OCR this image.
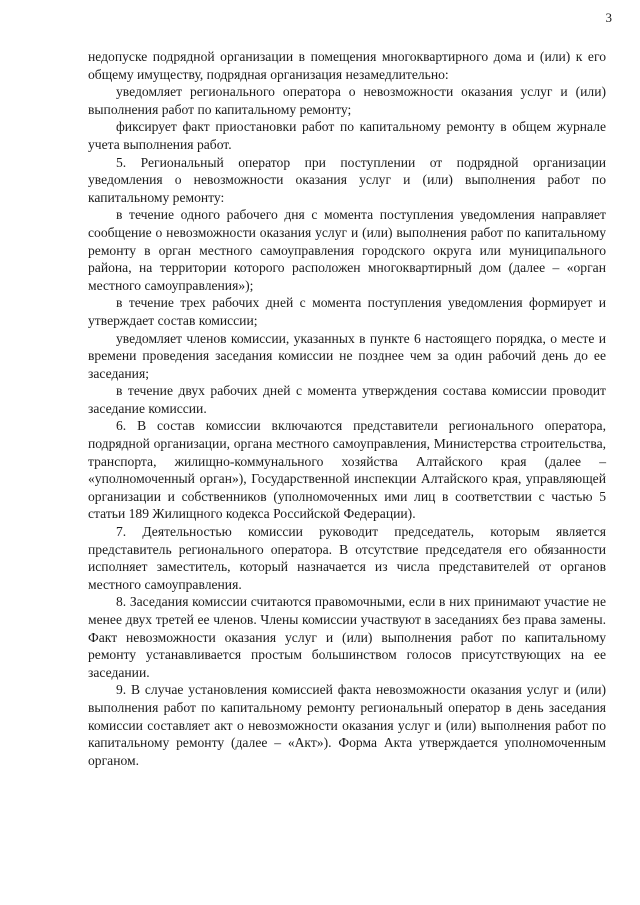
3

недопуске подрядной организации в помещения многоквартирного дома и (или) к его общему имуществу, подрядная организация незамедлительно:

уведомляет регионального оператора о невозможности оказания услуг и (или) выполнения работ по капитальному ремонту;

фиксирует факт приостановки работ по капитальному ремонту в общем журнале учета выполнения работ.

5. Региональный оператор при поступлении от подрядной организации уведомления о невозможности оказания услуг и (или) выполнения работ по капитальному ремонту:

в течение одного рабочего дня с момента поступления уведомления направляет сообщение о невозможности оказания услуг и (или) выполнения работ по капитальному ремонту в орган местного самоуправления городского округа или муниципального района, на территории которого расположен многоквартирный дом (далее – «орган местного самоуправления»);

в течение трех рабочих дней с момента поступления уведомления формирует и утверждает состав комиссии;

уведомляет членов комиссии, указанных в пункте 6 настоящего порядка, о месте и времени проведения заседания комиссии не позднее чем за один рабочий день до ее заседания;

в течение двух рабочих дней с момента утверждения состава комиссии проводит заседание комиссии.

6. В состав комиссии включаются представители регионального оператора, подрядной организации, органа местного самоуправления, Министерства строительства, транспорта, жилищно-коммунального хозяйства Алтайского края (далее – «уполномоченный орган»), Государственной инспекции Алтайского края, управляющей организации и собственников (уполномоченных ими лиц в соответствии с частью 5 статьи 189 Жилищного кодекса Российской Федерации).

7. Деятельностью комиссии руководит председатель, которым является представитель регионального оператора. В отсутствие председателя его обязанности исполняет заместитель, который назначается из числа представителей от органов местного самоуправления.

8. Заседания комиссии считаются правомочными, если в них принимают участие не менее двух третей ее членов. Члены комиссии участвуют в заседаниях без права замены. Факт невозможности оказания услуг и (или) выполнения работ по капитальному ремонту устанавливается простым большинством голосов присутствующих на ее заседании.

9. В случае установления комиссией факта невозможности оказания услуг и (или) выполнения работ по капитальному ремонту региональный оператор в день заседания комиссии составляет акт о невозможности оказания услуг и (или) выполнения работ по капитальному ремонту (далее – «Акт»). Форма Акта утверждается уполномоченным органом.
